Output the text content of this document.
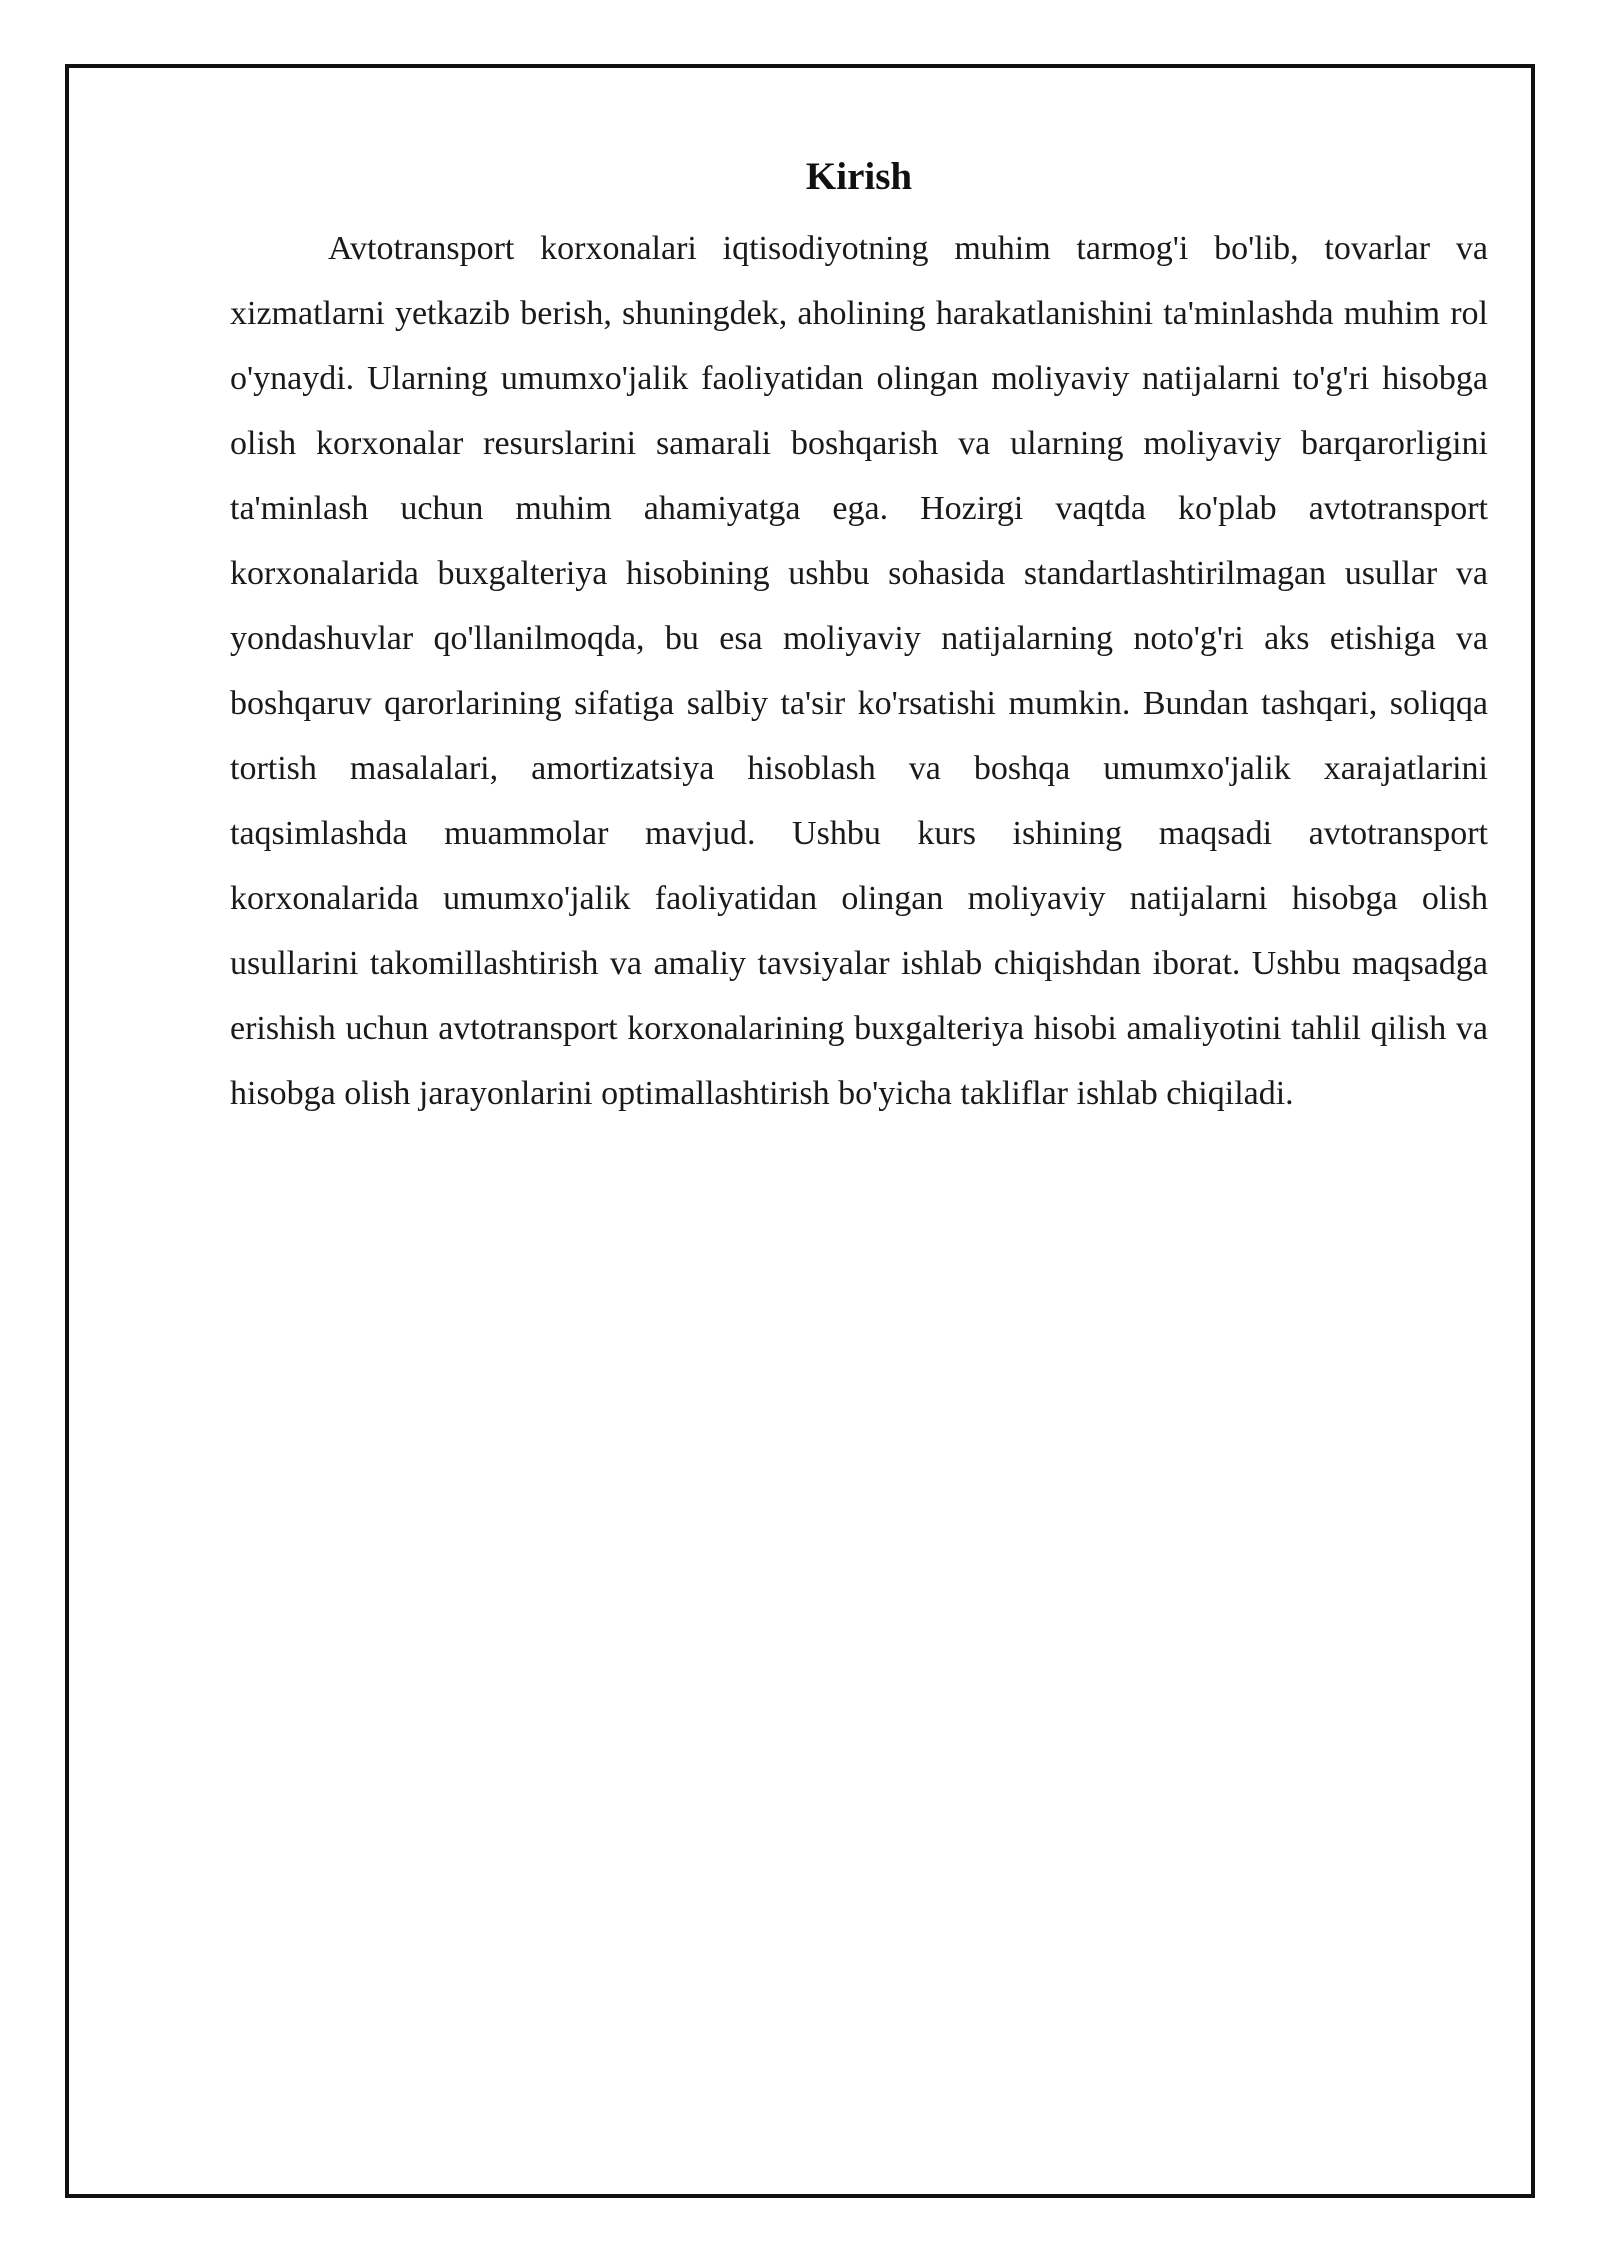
Kirish

Avtotransport korxonalari iqtisodiyotning muhim tarmog'i bo'lib, tovarlar va xizmatlarni yetkazib berish, shuningdek, aholining harakatlanishini ta'minlashda muhim rol o'ynaydi. Ularning umumxo'jalik faoliyatidan olingan moliyaviy natijalarni to'g'ri hisobga olish korxonalar resurslarini samarali boshqarish va ularning moliyaviy barqarorligini ta'minlash uchun muhim ahamiyatga ega. Hozirgi vaqtda ko'plab avtotransport korxonalarida buxgalteriya hisobining ushbu sohasida standartlashtirilmagan usullar va yondashuvlar qo'llanilmoqda, bu esa moliyaviy natijalarning noto'g'ri aks etishiga va boshqaruv qarorlarining sifatiga salbiy ta'sir ko'rsatishi mumkin. Bundan tashqari, soliqqa tortish masalalari, amortizatsiya hisoblash va boshqa umumxo'jalik xarajatlarini taqsimlashda muammolar mavjud. Ushbu kurs ishining maqsadi avtotransport korxonalarida umumxo'jalik faoliyatidan olingan moliyaviy natijalarni hisobga olish usullarini takomillashtirish va amaliy tavsiyalar ishlab chiqishdan iborat. Ushbu maqsadga erishish uchun avtotransport korxonalarining buxgalteriya hisobi amaliyotini tahlil qilish va hisobga olish jarayonlarini optimallashtirish bo'yicha takliflar ishlab chiqiladi.
